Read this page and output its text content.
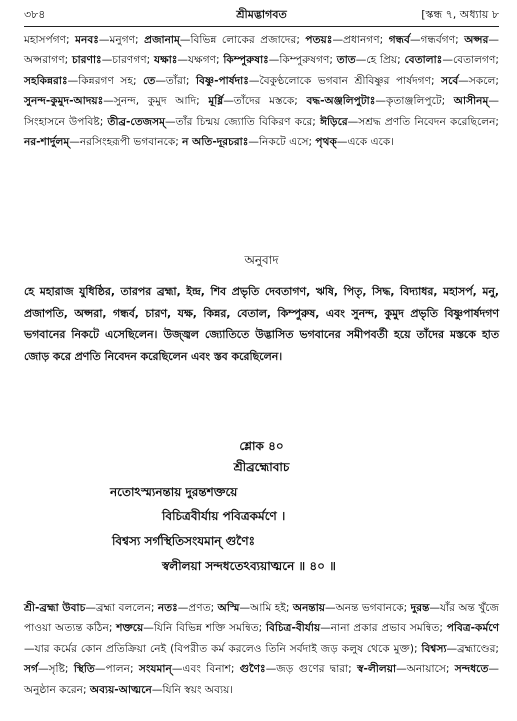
৩৮৪	শ্রীমদ্ভাগবত	[স্কন্ধ ৭, অধ্যায় ৮

মহাসর্পগণ; মনবঃ—মনুগণ; প্রজানাম্—বিভিন্ন লোকের প্রজাদের; পতয়ঃ—প্রধানগণ; গন্ধর্ব—গন্ধর্বগণ; অপ্সর—অপ্সরাগণ; চারণাঃ—চারণগণ; যক্ষাঃ—যক্ষগণ; কিম্পুরুষাঃ—কিম্পুরুষগণ; তাত—হে প্রিয়; বেতালাঃ—বেতালগণ; সহকিন্নরাঃ—কিন্নরগণ সহ; তে—তাঁরা; বিষ্ণু-পার্ষদাঃ—বৈকুণ্ঠলোকে ভগবান শ্রীবিষ্ণুর পার্ষদগণ; সর্বে—সকলে; সুনন্দ-কুমুদ-আদয়ঃ—সুনন্দ, কুমুদ আদি; মূর্ধ্নি—তাঁদের মস্তকে; বদ্ধ-অঞ্জলিপুটাঃ—কৃতাঞ্জলিপুটে; আসীনম্—সিংহাসনে উপবিষ্ট; তীব্র-তেজসম্—তাঁর চিন্ময় জ্যোতি বিকিরণ করে; ঈড়িরে—সশ্রদ্ধ প্রণতি নিবেদন করেছিলেন; নর-শার্দুলম্—নরসিংহরূপী ভগবানকে; ন অতি-দূরচরাঃ—নিকটে এসে; পৃথক্—একে একে।

অনুবাদ

হে মহারাজ যুধিষ্ঠির, তারপর ব্রহ্মা, ইন্দ্র, শিব প্রভৃতি দেবতাগণ, ঋষি, পিতৃ, সিদ্ধ, বিদ্যাধর, মহাসর্প, মনু, প্রজাপতি, অপ্সরা, গন্ধর্ব, চারণ, যক্ষ, কিন্নর, বেতাল, কিম্পুরুষ, এবং সুনন্দ, কুমুদ প্রভৃতি বিষ্ণুপার্ষদগণ ভগবানের নিকটে এসেছিলেন। উজ্জ্বল জ্যোতিতে উদ্ভাসিত ভগবানের সমীপবর্তী হয়ে তাঁদের মস্তকে হাত জোড় করে প্রণতি নিবেদন করেছিলেন এবং স্তব করেছিলেন।

শ্লোক ৪০

শ্রীব্রহ্মোবাচ

নতোঽস্ম্যনন্তায় দুরন্তশক্তয়ে

বিচিত্রবীর্যায় পবিত্রকর্মণে ।

বিশ্বস্য সর্গস্থিতিসংযমান্ গুণৈঃ

স্বলীলয়া সন্দধতেঽব্যয়াত্মনে ॥ ৪০ ॥

শ্রী-ব্রহ্মা উবাচ—ব্রহ্মা বললেন; নতঃ—প্রণত; অস্মি—আমি হই; অনন্তায়—অনন্ত ভগবানকে; দুরন্ত—যাঁর অন্ত খুঁজে পাওয়া অত্যন্ত কঠিন; শক্তয়ে—যিনি বিভিন্ন শক্তি সমন্বিত; বিচিত্র-বীর্যায়—নানা প্রকার প্রভাব সমন্বিত; পবিত্র-কর্মণে—যার কর্মের কোন প্রতিক্রিয়া নেই (বিপরীত কর্ম করলেও তিনি সর্বদাই জড় কলুষ থেকে মুক্ত); বিশ্বস্য—ব্রহ্মাণ্ডের; সর্গ—সৃষ্টি; স্থিতি—পালন; সংযমান্—এবং বিনাশ; গুণৈঃ—জড় গুণের দ্বারা; স্ব-লীলয়া—অনায়াসে; সন্দধতে—অনুষ্ঠান করেন; অব্যয়-আত্মনে—যিনি স্বয়ং অব্যয়।
